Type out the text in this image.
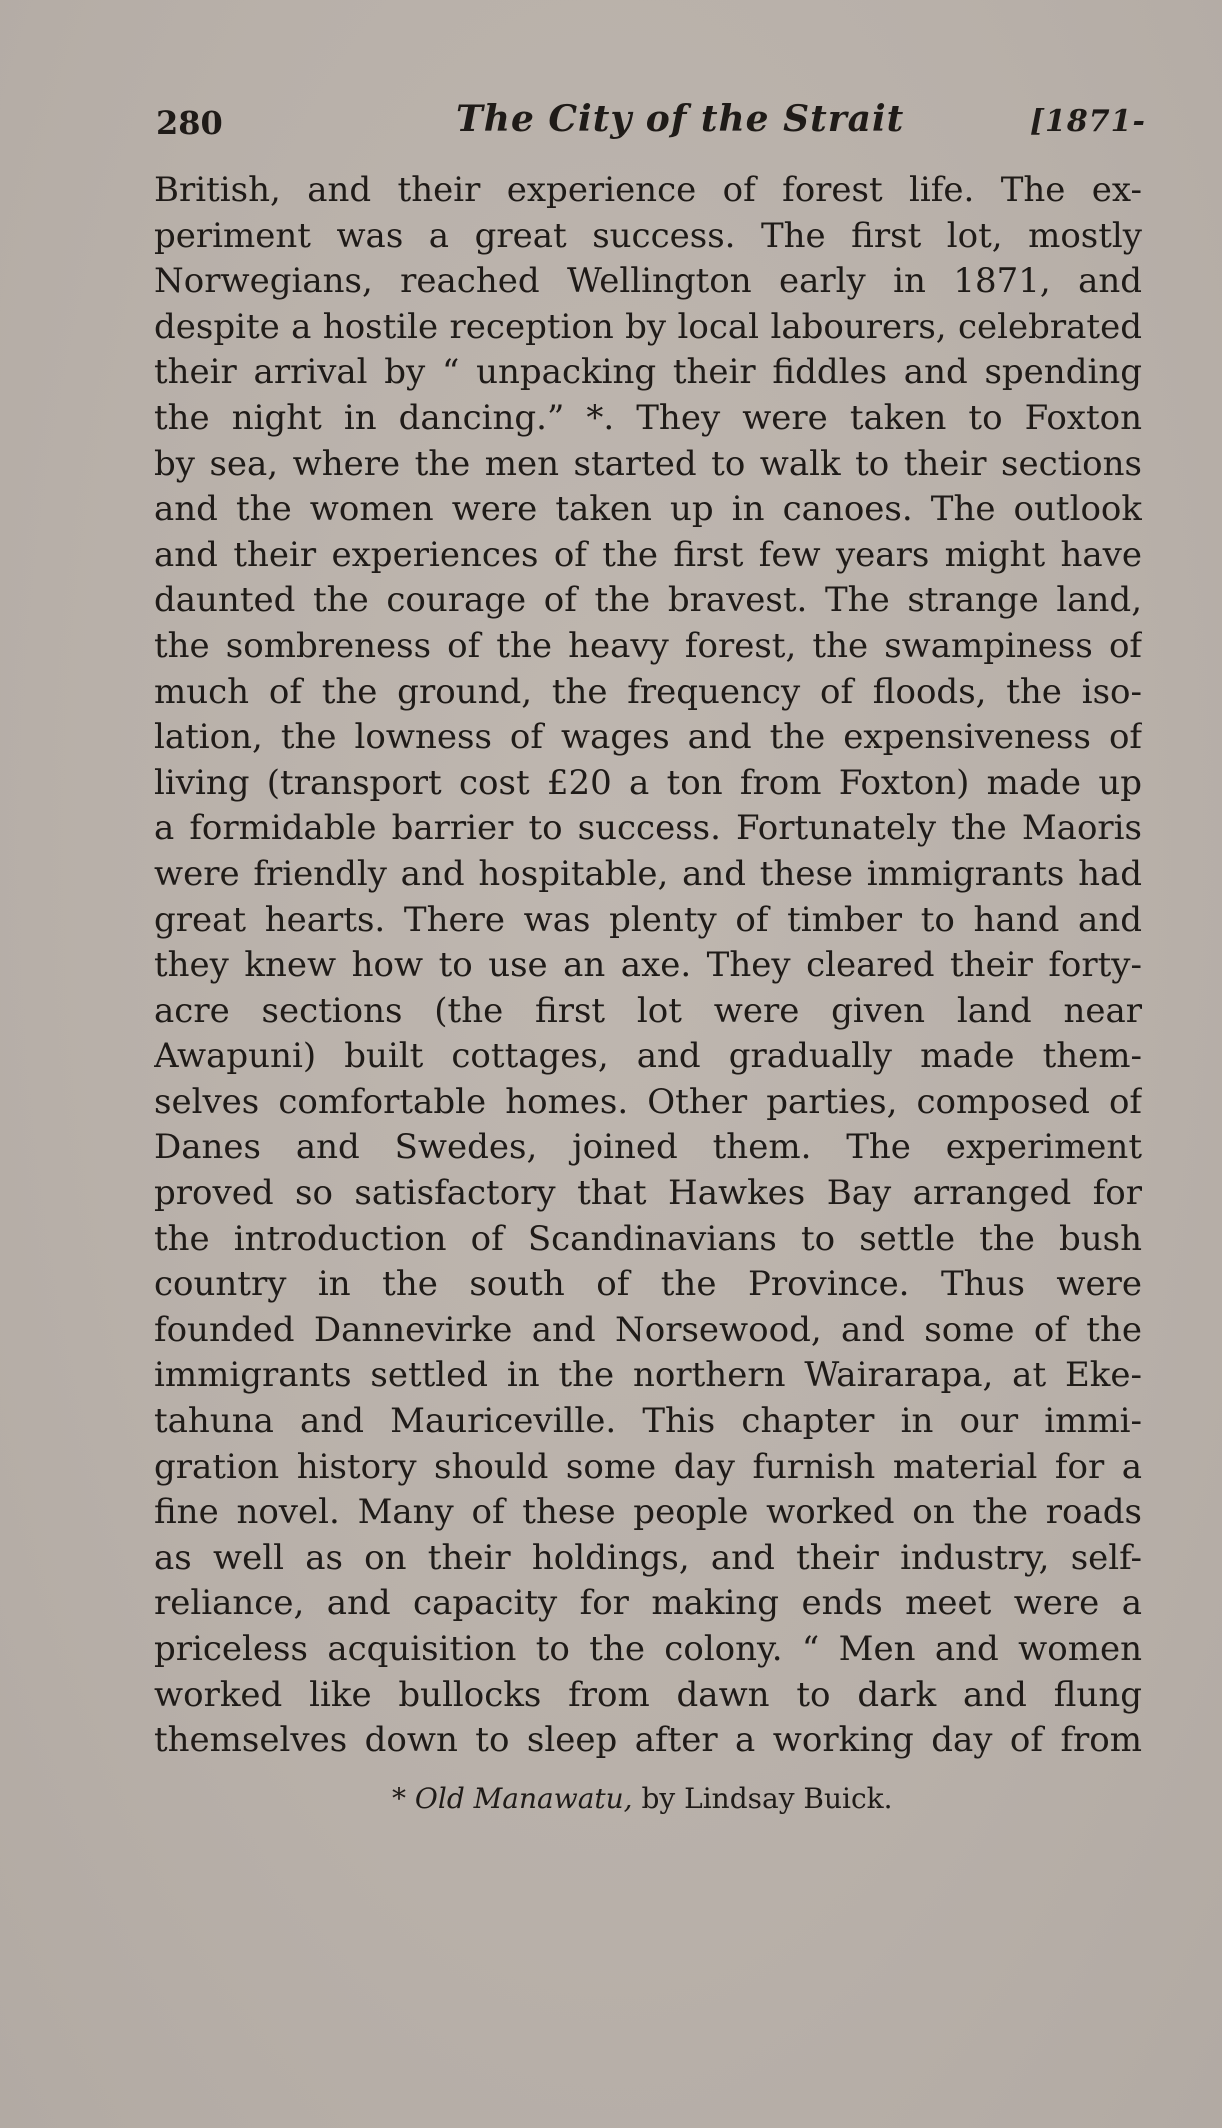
280	The City of the Strait	[1871-
British, and their experience of forest life. The ex-
periment was a great success. The first lot, mostly
Norwegians, reached Wellington early in 1871, and
despite a hostile reception by local labourers, celebrated
their arrival by “ unpacking their fiddles and spending
the night in dancing.” *. They were taken to Foxton
by sea, where the men started to walk to their sections
and the women were taken up in canoes. The outlook
and their experiences of the first few years might have
daunted the courage of the bravest. The strange land,
the sombreness of the heavy forest, the swampiness of
much of the ground, the frequency of floods, the iso-
lation, the lowness of wages and the expensiveness of
living (transport cost £20 a ton from Foxton) made up
a formidable barrier to success. Fortunately the Maoris
were friendly and hospitable, and these immigrants had
great hearts. There was plenty of timber to hand and
they knew how to use an axe. They cleared their forty-
acre sections (the first lot were given land near
Awapuni) built cottages, and gradually made them-
selves comfortable homes. Other parties, composed of
Danes and Swedes, joined them. The experiment
proved so satisfactory that Hawkes Bay arranged for
the introduction of Scandinavians to settle the bush
country in the south of the Province. Thus were
founded Dannevirke and Norsewood, and some of the
immigrants settled in the northern Wairarapa, at Eke-
tahuna and Mauriceville. This chapter in our immi-
gration history should some day furnish material for a
fine novel. Many of these people worked on the roads
as well as on their holdings, and their industry, self-
reliance, and capacity for making ends meet were a
priceless acquisition to the colony. “ Men and women
worked like bullocks from dawn to dark and flung
themselves down to sleep after a working day of from
* Old Manawatu, by Lindsay Buick.
